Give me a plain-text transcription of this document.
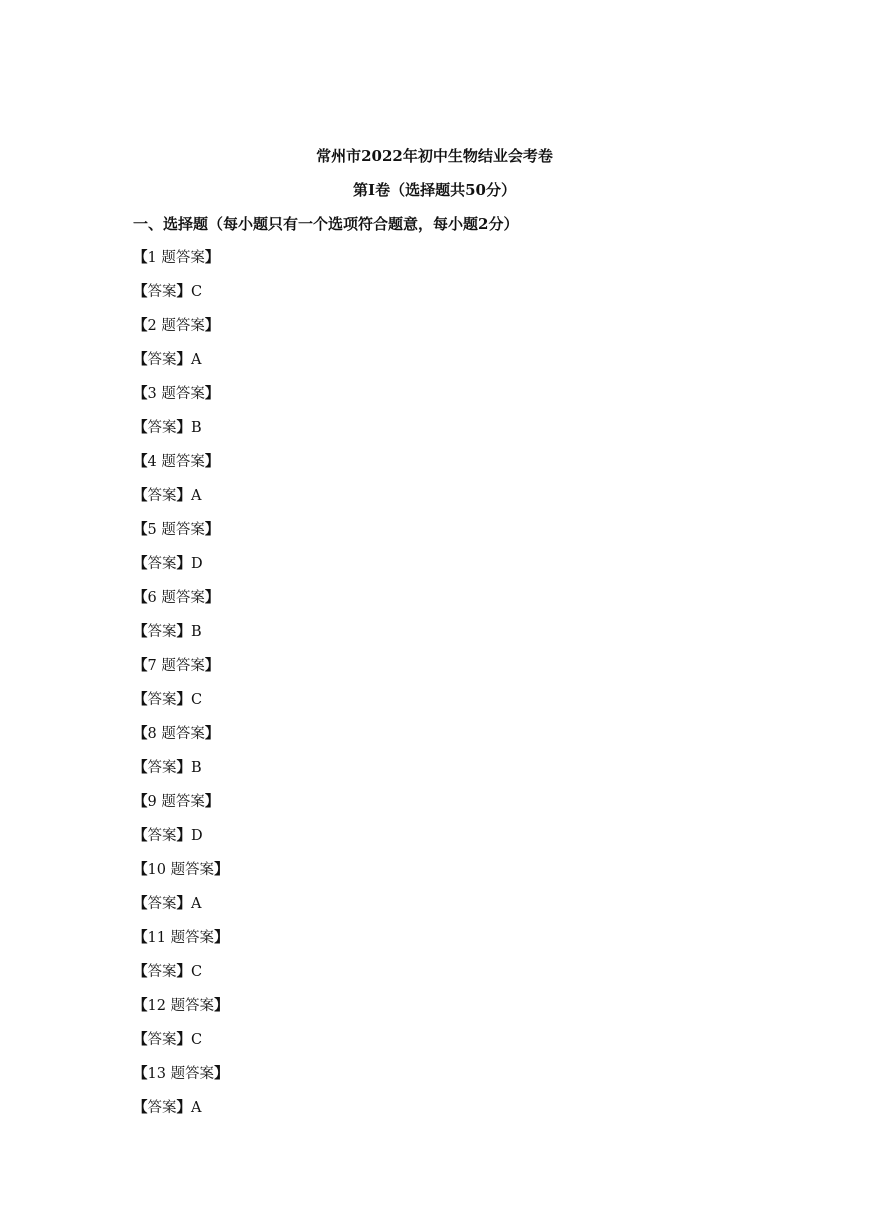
常州市2022年初中生物结业会考卷
第Ⅰ卷（选择题共50分）
一、选择题（每小题只有一个选项符合题意，每小题2分）
【1 题答案】
【答案】C
【2 题答案】
【答案】A
【3 题答案】
【答案】B
【4 题答案】
【答案】A
【5 题答案】
【答案】D
【6 题答案】
【答案】B
【7 题答案】
【答案】C
【8 题答案】
【答案】B
【9 题答案】
【答案】D
【10 题答案】
【答案】A
【11 题答案】
【答案】C
【12 题答案】
【答案】C
【13 题答案】
【答案】A
